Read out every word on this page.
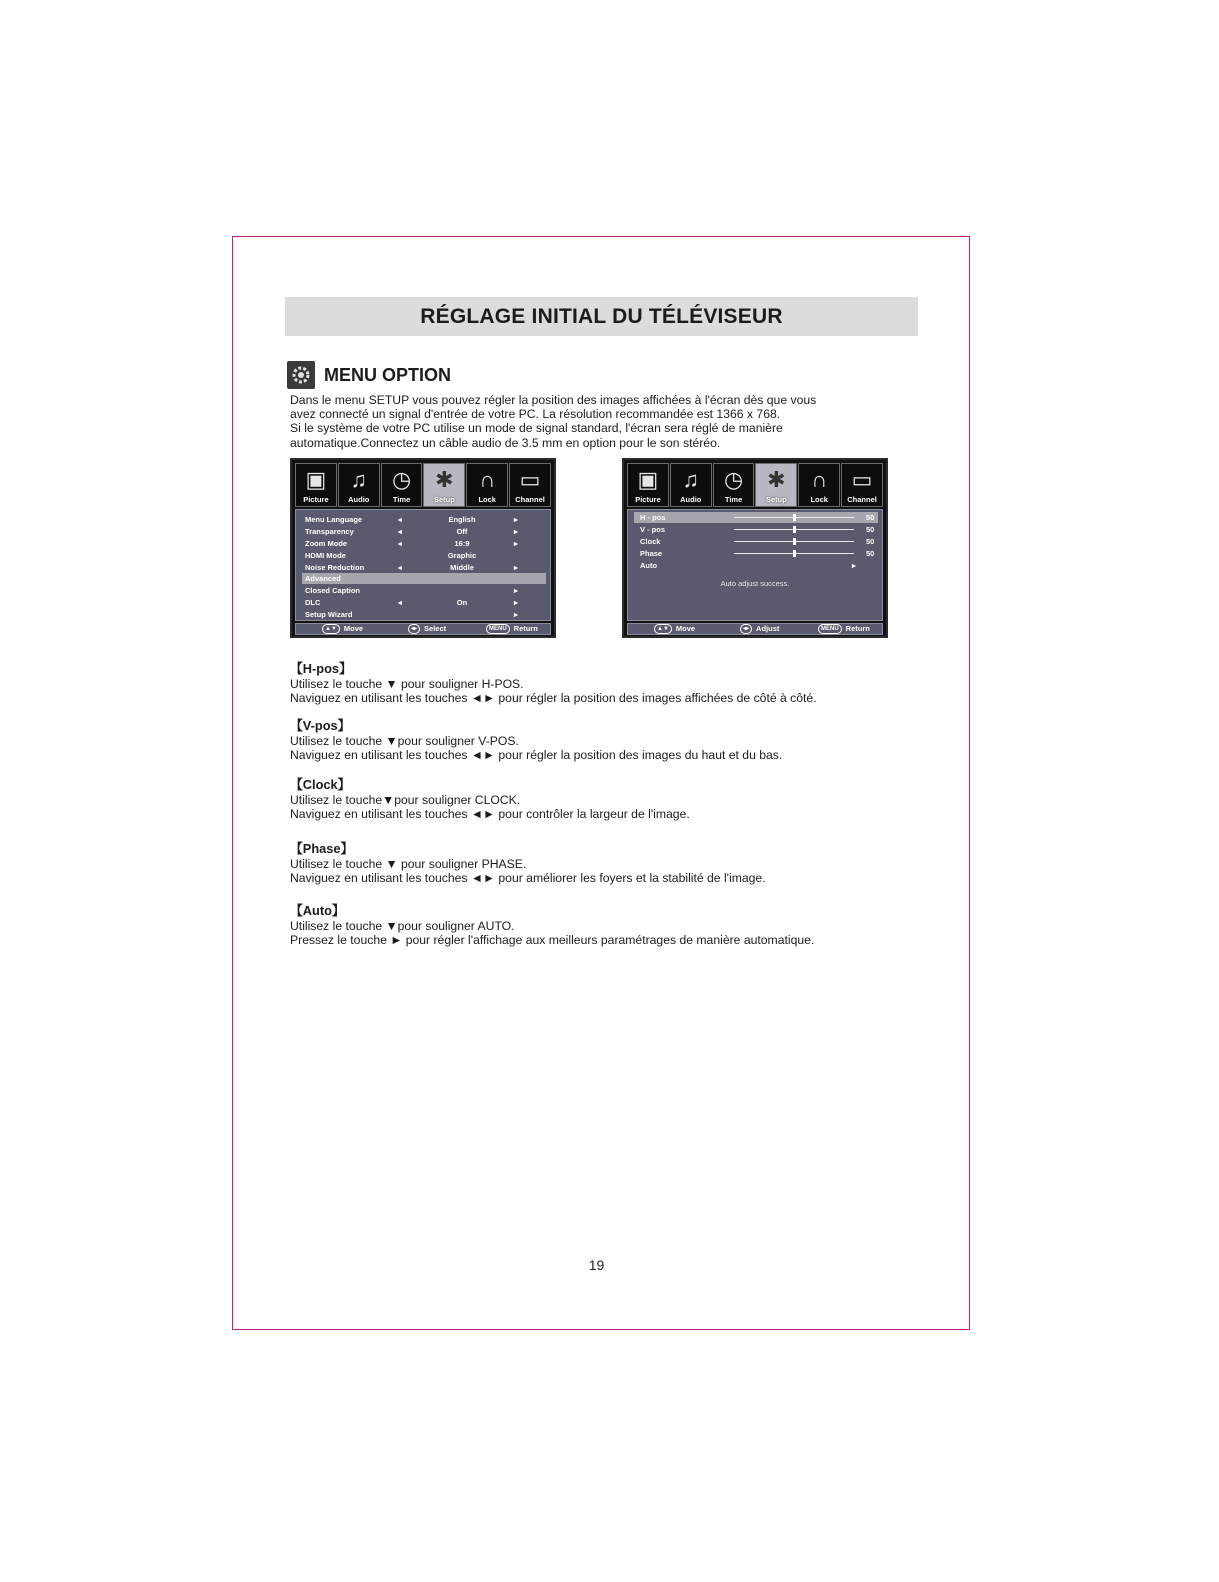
RÉGLAGE INITIAL DU TÉLÉVISEUR
MENU OPTION

Dans le menu SETUP vous pouvez régler la position des images affichées à l'écran dès que vous

avez connecté un signal d'entrée de votre PC. La résolution recommandée est 1366 x 768.

Si le système de votre PC utilise un mode de signal standard, l'écran sera réglé de manière

automatique.Connectez un câble audio de 3.5 mm en option pour le son stéréo.

▣
Picture
♫
Audio
◷
Time
✱
Setup
∩
Lock
▭
Channel
Menu Language	◂	English	▸
Transparency	◂	Off	▸
Zoom Mode	◂	16:9	▸
HDMI Mode	Graphic
Noise Reduction	◂	Middle	▸
Advanced
Closed Caption	▸
DLC	◂	On	▸
Setup Wizard	▸
▲▼ Move	◂▸ Select	MENU Return
▣
Picture
♫
Audio
◷
Time
✱
Setup
∩
Lock
▭
Channel
H - pos	50
V - pos	50
Clock	50
Phase	50
Auto	▸
Auto adjust success.
▲▼ Move	◂▸ Adjust	MENU Return
【H-pos】
Utilisez le touche ▼ pour souligner H-POS.
Naviguez en utilisant les touches ◄► pour régler la position des images affichées de côté à côté.
【V-pos】
Utilisez le touche ▼pour souligner V-POS.
Naviguez en utilisant les touches ◄► pour régler la position des images du haut et du bas.
【Clock】
Utilisez le touche▼pour souligner CLOCK.
Naviguez en utilisant les touches ◄► pour contrôler la largeur de l'image.
【Phase】
Utilisez le touche ▼ pour souligner PHASE.
Naviguez en utilisant les touches ◄► pour améliorer les foyers et la stabilité de l'image.
【Auto】
Utilisez le touche ▼pour souligner AUTO.
Pressez le touche ► pour régler l'affichage aux meilleurs paramétrages de manière automatique.
19
